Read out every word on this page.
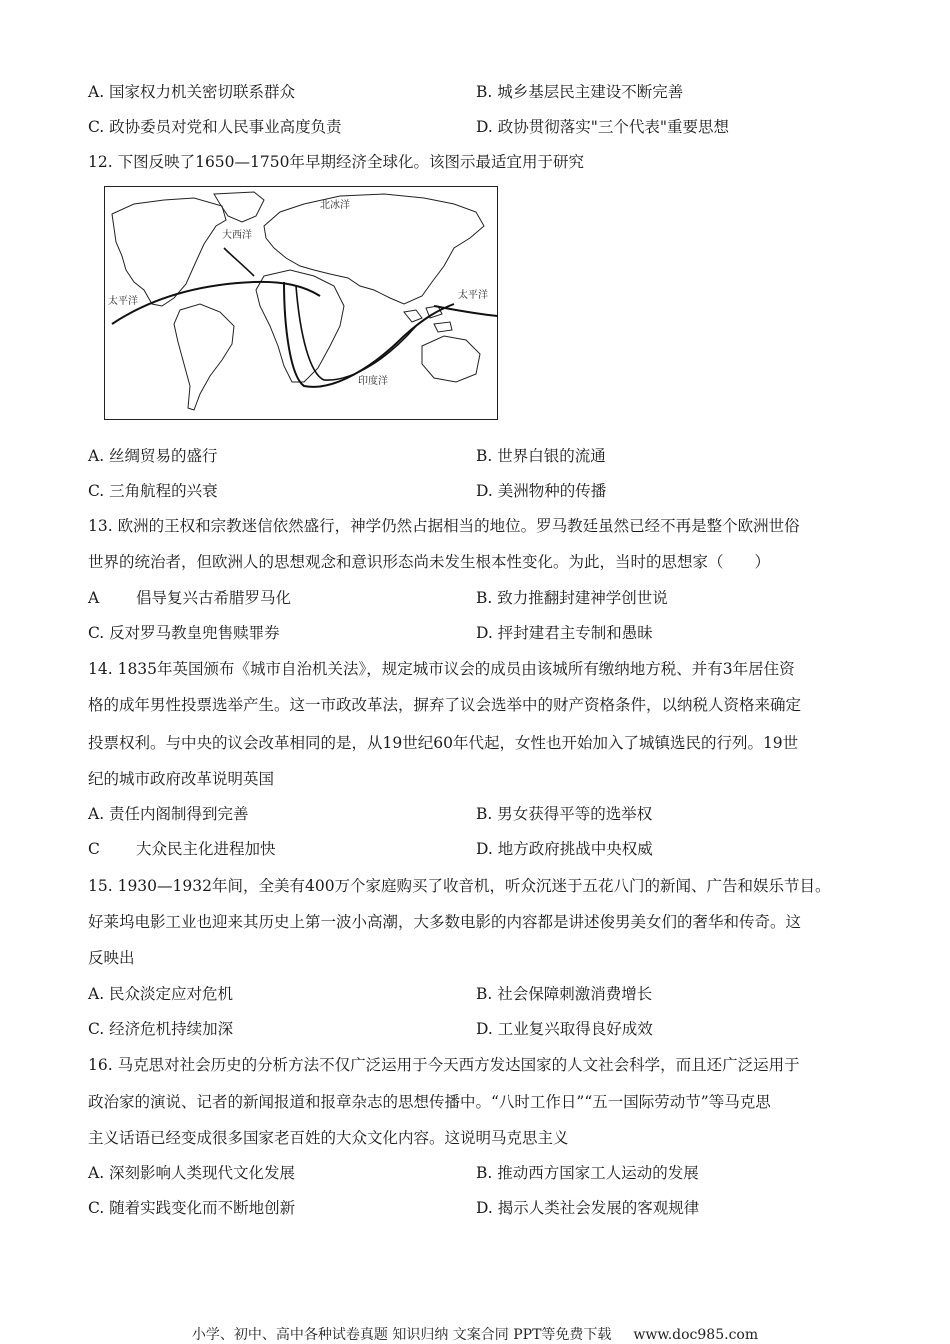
A. 国家权力机关密切联系群众	B. 城乡基层民主建设不断完善
C. 政协委员对党和人民事业高度负责	D. 政协贯彻落实"三个代表"重要思想
12. 下图反映了1650—1750年早期经济全球化。该图示最适宜用于研究
北冰洋
大西洋
太平洋
太平洋
印度洋
A. 丝绸贸易的盛行	B. 世界白银的流通
C. 三角航程的兴衰	D. 美洲物种的传播
13. 欧洲的王权和宗教迷信依然盛行，神学仍然占据相当的地位。罗马教廷虽然已经不再是整个欧洲世俗
世界的统治者，但欧洲人的思想观念和意识形态尚未发生根本性变化。为此，当时的思想家（　　）
A 倡导复兴古希腊罗马化	B. 致力推翻封建神学创世说
C. 反对罗马教皇兜售赎罪券	D. 抨封建君主专制和愚昧
14. 1835年英国颁布《城市自治机关法》，规定城市议会的成员由该城所有缴纳地方税、并有3年居住资
格的成年男性投票选举产生。这一市政改革法，摒弃了议会选举中的财产资格条件，以纳税人资格来确定
投票权利。与中央的议会改革相同的是，从19世纪60年代起，女性也开始加入了城镇选民的行列。19世
纪的城市政府改革说明英国
A. 责任内阁制得到完善	B. 男女获得平等的选举权
C 大众民主化进程加快	D. 地方政府挑战中央权威
15. 1930—1932年间，全美有400万个家庭购买了收音机，听众沉迷于五花八门的新闻、广告和娱乐节目。
好莱坞电影工业也迎来其历史上第一波小高潮，大多数电影的内容都是讲述俊男美女们的奢华和传奇。这
反映出
A. 民众淡定应对危机	B. 社会保障刺激消费增长
C. 经济危机持续加深	D. 工业复兴取得良好成效
16. 马克思对社会历史的分析方法不仅广泛运用于今天西方发达国家的人文社会科学，而且还广泛运用于
政治家的演说、记者的新闻报道和报章杂志的思想传播中。“八时工作日”“五一国际劳动节”等马克思
主义话语已经变成很多国家老百姓的大众文化内容。这说明马克思主义
A. 深刻影响人类现代文化发展	B. 推动西方国家工人运动的发展
C. 随着实践变化而不断地创新	D. 揭示人类社会发展的客观规律
小学、初中、高中各种试卷真题 知识归纳 文案合同 PPT等免费下载 www.doc985.com
